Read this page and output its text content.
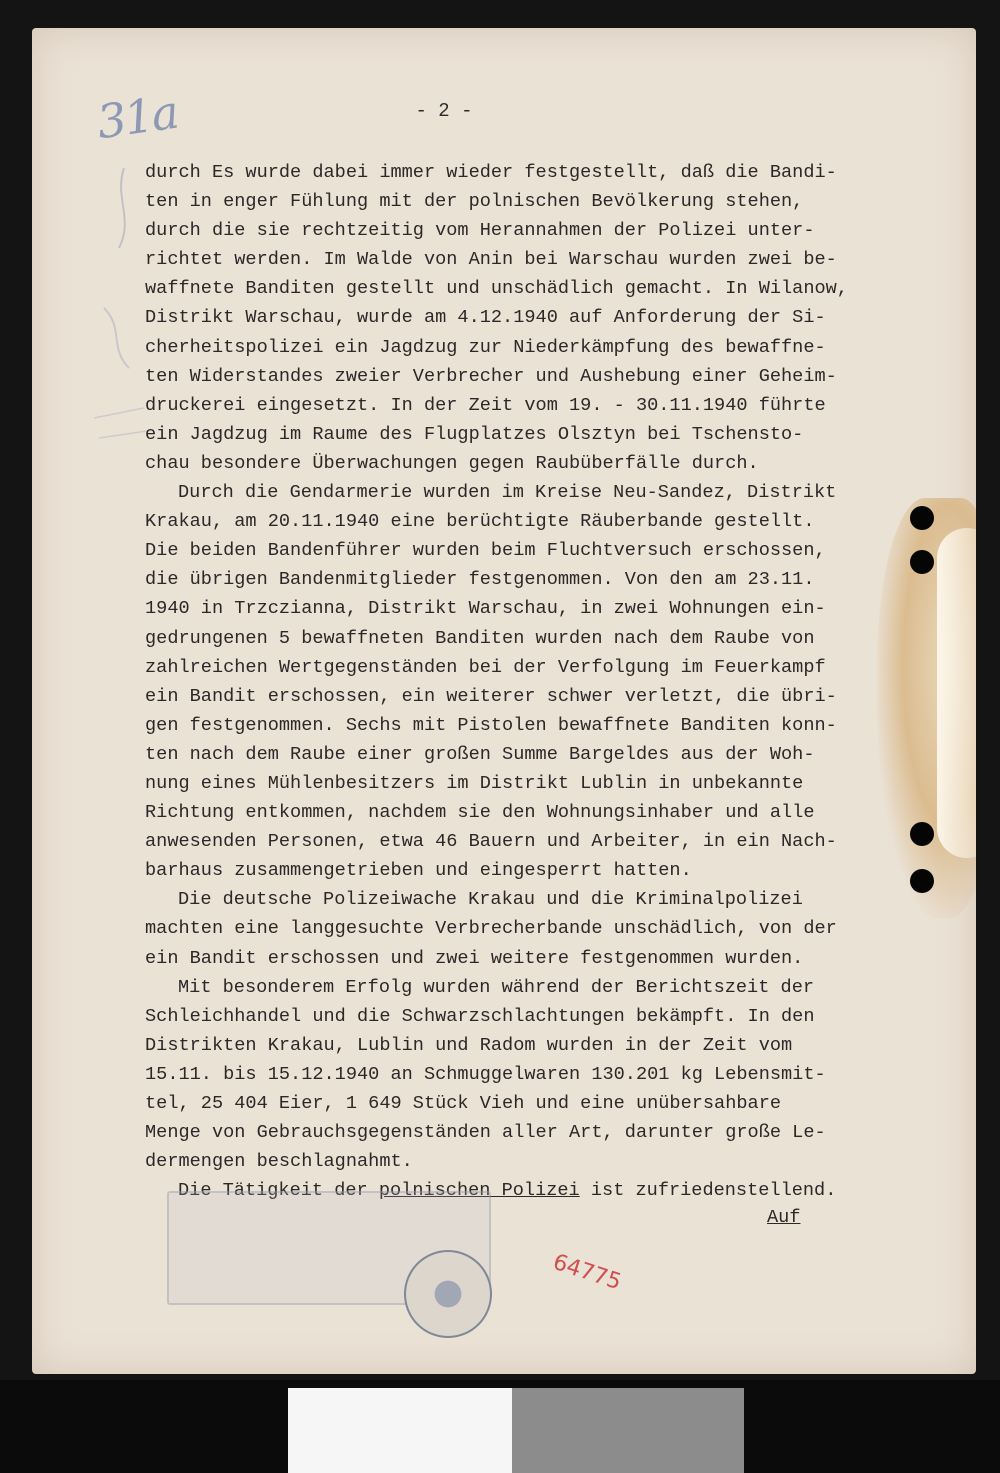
31a	- 2 -
durch Es wurde dabei immer wieder festgestellt, daß die Bandi-
ten in enger Fühlung mit der polnischen Bevölkerung stehen,
durch die sie rechtzeitig vom Herannahmen der Polizei unter-
richtet werden. Im Walde von Anin bei Warschau wurden zwei be-
waffnete Banditen gestellt und unschädlich gemacht. In Wilanow,
Distrikt Warschau, wurde am 4.12.1940 auf Anforderung der Si-
cherheitspolizei ein Jagdzug zur Niederkämpfung des bewaffne-
ten Widerstandes zweier Verbrecher und Aushebung einer Geheim-
druckerei eingesetzt. In der Zeit vom 19. - 30.11.1940 führte
ein Jagdzug im Raume des Flugplatzes Olsztyn bei Tschensto-
chau besondere Überwachungen gegen Raubüberfälle durch.
Durch die Gendarmerie wurden im Kreise Neu-Sandez, Distrikt
Krakau, am 20.11.1940 eine berüchtigte Räuberbande gestellt.
Die beiden Bandenführer wurden beim Fluchtversuch erschossen,
die übrigen Bandenmitglieder festgenommen. Von den am 23.11.
1940 in Trzczianna, Distrikt Warschau, in zwei Wohnungen ein-
gedrungenen 5 bewaffneten Banditen wurden nach dem Raube von
zahlreichen Wertgegenständen bei der Verfolgung im Feuerkampf
ein Bandit erschossen, ein weiterer schwer verletzt, die übri-
gen festgenommen. Sechs mit Pistolen bewaffnete Banditen konn-
ten nach dem Raube einer großen Summe Bargeldes aus der Woh-
nung eines Mühlenbesitzers im Distrikt Lublin in unbekannte
Richtung entkommen, nachdem sie den Wohnungsinhaber und alle
anwesenden Personen, etwa 46 Bauern und Arbeiter, in ein Nach-
barhaus zusammengetrieben und eingesperrt hatten.
Die deutsche Polizeiwache Krakau und die Kriminalpolizei
machten eine langgesuchte Verbrecherbande unschädlich, von der
ein Bandit erschossen und zwei weitere festgenommen wurden.
Mit besonderem Erfolg wurden während der Berichtszeit der
Schleichhandel und die Schwarzschlachtungen bekämpft. In den
Distrikten Krakau, Lublin und Radom wurden in der Zeit vom
15.11. bis 15.12.1940 an Schmuggelwaren 130.201 kg Lebensmit-
tel, 25 404 Eier, 1 649 Stück Vieh und eine unübersahbare
Menge von Gebrauchsgegenständen aller Art, darunter große Le-
dermengen beschlagnahmt.
Die Tätigkeit der polnischen Polizei ist zufriedenstellend.
Auf
64775
